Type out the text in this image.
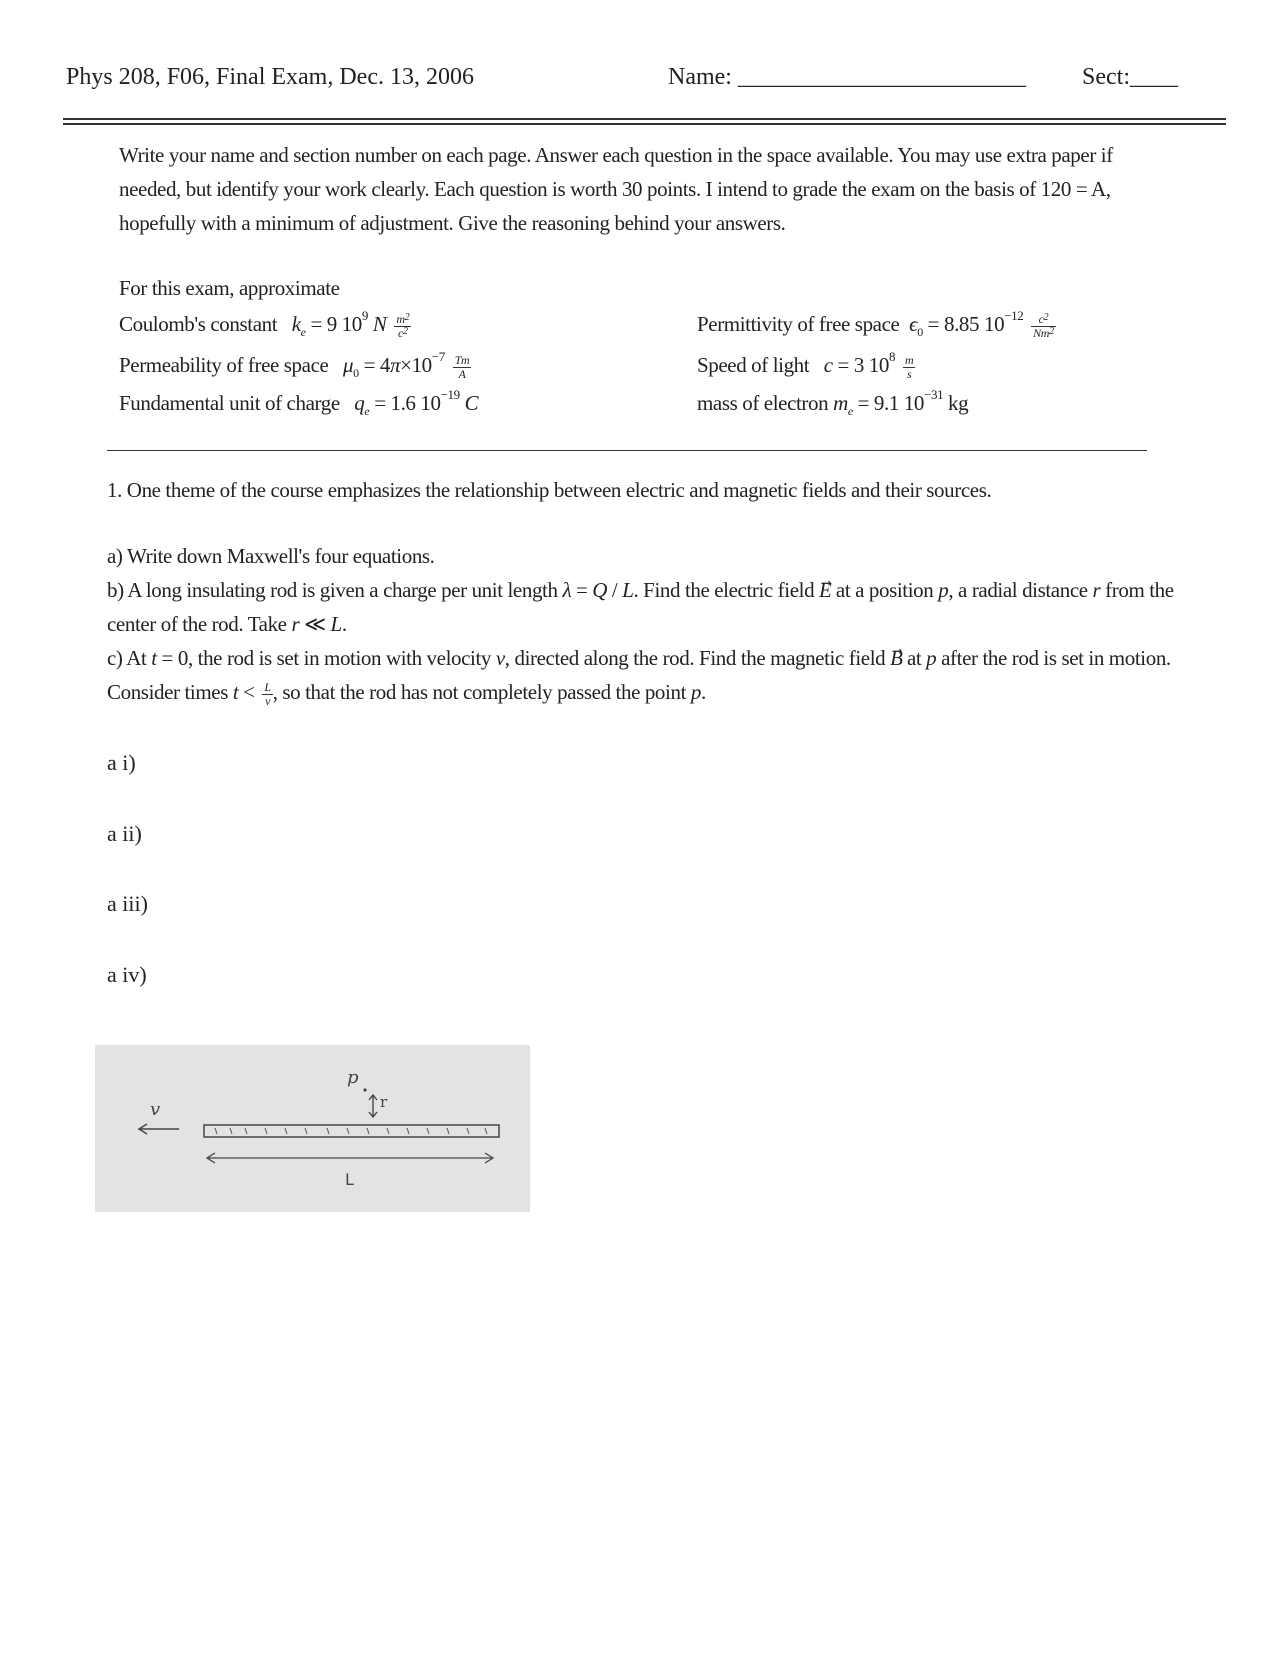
Phys 208, F06, Final Exam, Dec. 13, 2006	Name: ________________________ Sect:____
Write your name and section number on each page. Answer each question in the space available. You may use extra paper if needed, but identify your work clearly. Each question is worth 30 points. I intend to grade the exam on the basis of 120 = A, hopefully with a minimum of adjustment. Give the reasoning behind your answers.
For this exam, approximate
Coulomb's constant $k_e = 9$ $10^9$ N $\frac{m^2}{c^2}$
Permeability of free space $\mu_0 = 4\pi\times 10^{-7} \frac{Tm}{A}$
Fundamental unit of charge $q_e = 1.6$ $10^{-19}$ C
Permittivity of free space $\epsilon_0 = 8.85$ $10^{-12} \frac{c^2}{Nm^2}$
Speed of light c = 3 $10^8 \frac{m}{s}$
mass of electron $m_e = 9.1$ $10^{-31}$ kg
1. One theme of the course emphasizes the relationship between electric and magnetic fields and their sources.
a) Write down Maxwell's four equations.
b) A long insulating rod is given a charge per unit length λ = Q / L. Find the electric field E⃗ at a position p, a radial distance r from the center of the rod. Take r ≪ L.
c) At t = 0, the rod is set in motion with velocity v, directed along the rod. Find the magnetic field B⃗ at p after the rod is set in motion. Consider times $t < \frac{L}{v}$ , so that the rod has not completely passed the point p.
a i)
a ii)
a iii)
a iv)
v
p
r
L
